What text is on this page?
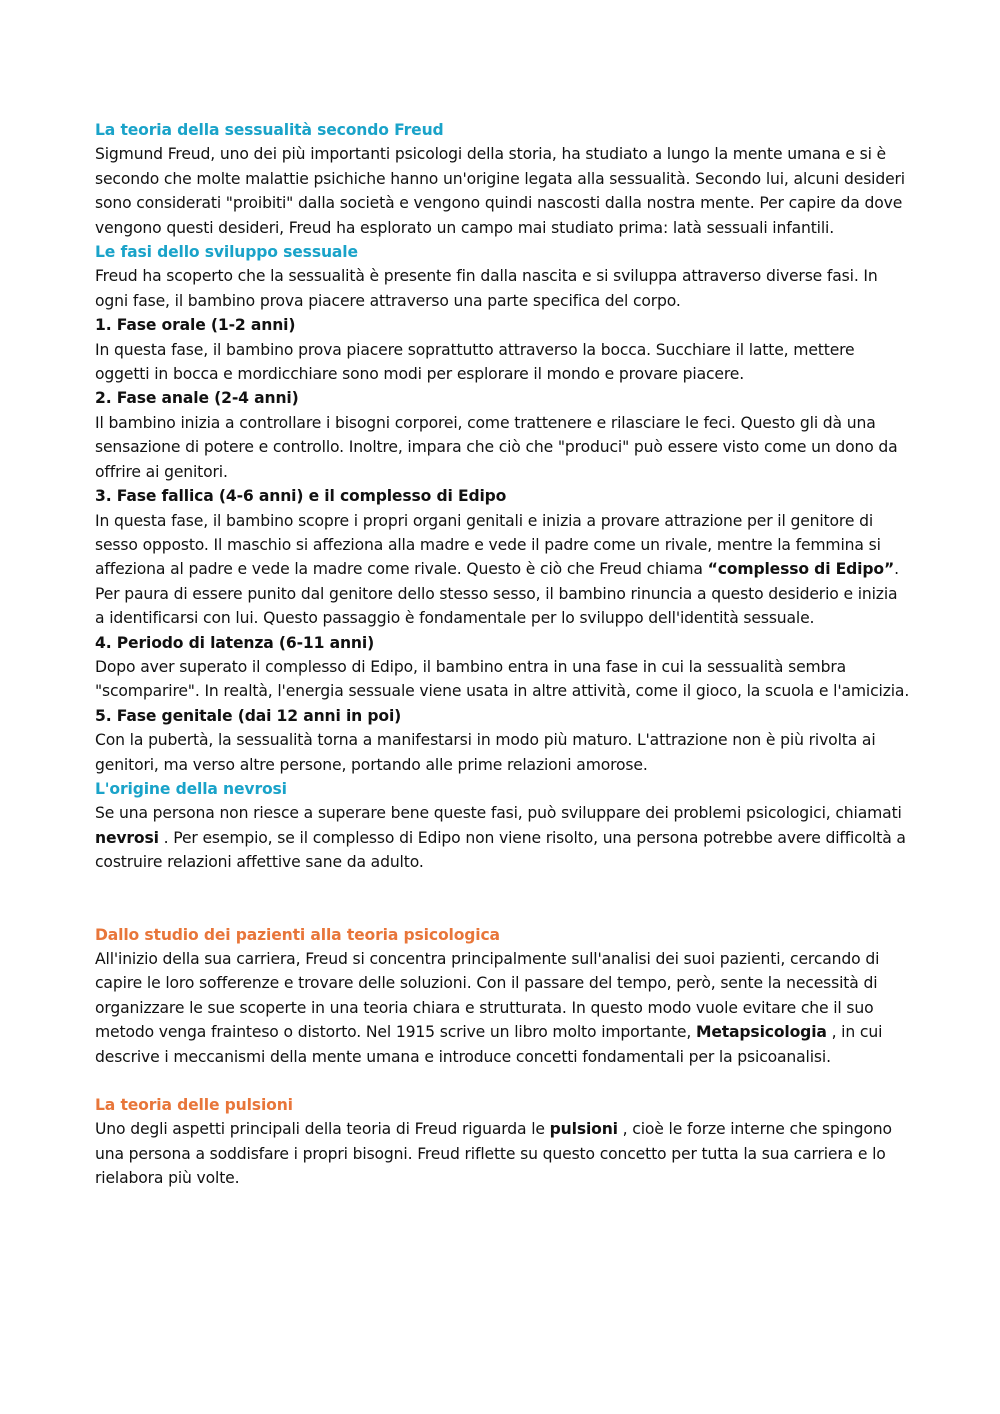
La teoria della sessualità secondo Freud

Sigmund Freud, uno dei più importanti psicologi della storia, ha studiato a lungo la mente umana e si è secondo che molte malattie psichiche hanno un'origine legata alla sessualità. Secondo lui, alcuni desideri sono considerati "proibiti" dalla società e vengono quindi nascosti dalla nostra mente. Per capire da dove vengono questi desideri, Freud ha esplorato un campo mai studiato prima: latà sessuali infantili.

Le fasi dello sviluppo sessuale

Freud ha scoperto che la sessualità è presente fin dalla nascita e si sviluppa attraverso diverse fasi. In ogni fase, il bambino prova piacere attraverso una parte specifica del corpo.

1. Fase orale (1-2 anni)

In questa fase, il bambino prova piacere soprattutto attraverso la bocca. Succhiare il latte, mettere oggetti in bocca e mordicchiare sono modi per esplorare il mondo e provare piacere.

2. Fase anale (2-4 anni)

Il bambino inizia a controllare i bisogni corporei, come trattenere e rilasciare le feci. Questo gli dà una sensazione di potere e controllo. Inoltre, impara che ciò che "produci" può essere visto come un dono da offrire ai genitori.

3. Fase fallica (4-6 anni) e il complesso di Edipo

In questa fase, il bambino scopre i propri organi genitali e inizia a provare attrazione per il genitore di sesso opposto. Il maschio si affeziona alla madre e vede il padre come un rivale, mentre la femmina si affeziona al padre e vede la madre come rivale. Questo è ciò che Freud chiama “complesso di Edipo”. Per paura di essere punito dal genitore dello stesso sesso, il bambino rinuncia a questo desiderio e inizia a identificarsi con lui. Questo passaggio è fondamentale per lo sviluppo dell'identità sessuale.

4. Periodo di latenza (6-11 anni)

Dopo aver superato il complesso di Edipo, il bambino entra in una fase in cui la sessualità sembra "scomparire". In realtà, l'energia sessuale viene usata in altre attività, come il gioco, la scuola e l'amicizia.

5. Fase genitale (dai 12 anni in poi)

Con la pubertà, la sessualità torna a manifestarsi in modo più maturo. L'attrazione non è più rivolta ai genitori, ma verso altre persone, portando alle prime relazioni amorose.

L'origine della nevrosi

Se una persona non riesce a superare bene queste fasi, può sviluppare dei problemi psicologici, chiamati nevrosi . Per esempio, se il complesso di Edipo non viene risolto, una persona potrebbe avere difficoltà a costruire relazioni affettive sane da adulto.

Dallo studio dei pazienti alla teoria psicologica

All'inizio della sua carriera, Freud si concentra principalmente sull'analisi dei suoi pazienti, cercando di capire le loro sofferenze e trovare delle soluzioni. Con il passare del tempo, però, sente la necessità di organizzare le sue scoperte in una teoria chiara e strutturata. In questo modo vuole evitare che il suo metodo venga frainteso o distorto. Nel 1915 scrive un libro molto importante, Metapsicologia , in cui descrive i meccanismi della mente umana e introduce concetti fondamentali per la psicoanalisi.

La teoria delle pulsioni

Uno degli aspetti principali della teoria di Freud riguarda le pulsioni , cioè le forze interne che spingono una persona a soddisfare i propri bisogni. Freud riflette su questo concetto per tutta la sua carriera e lo rielabora più volte.
